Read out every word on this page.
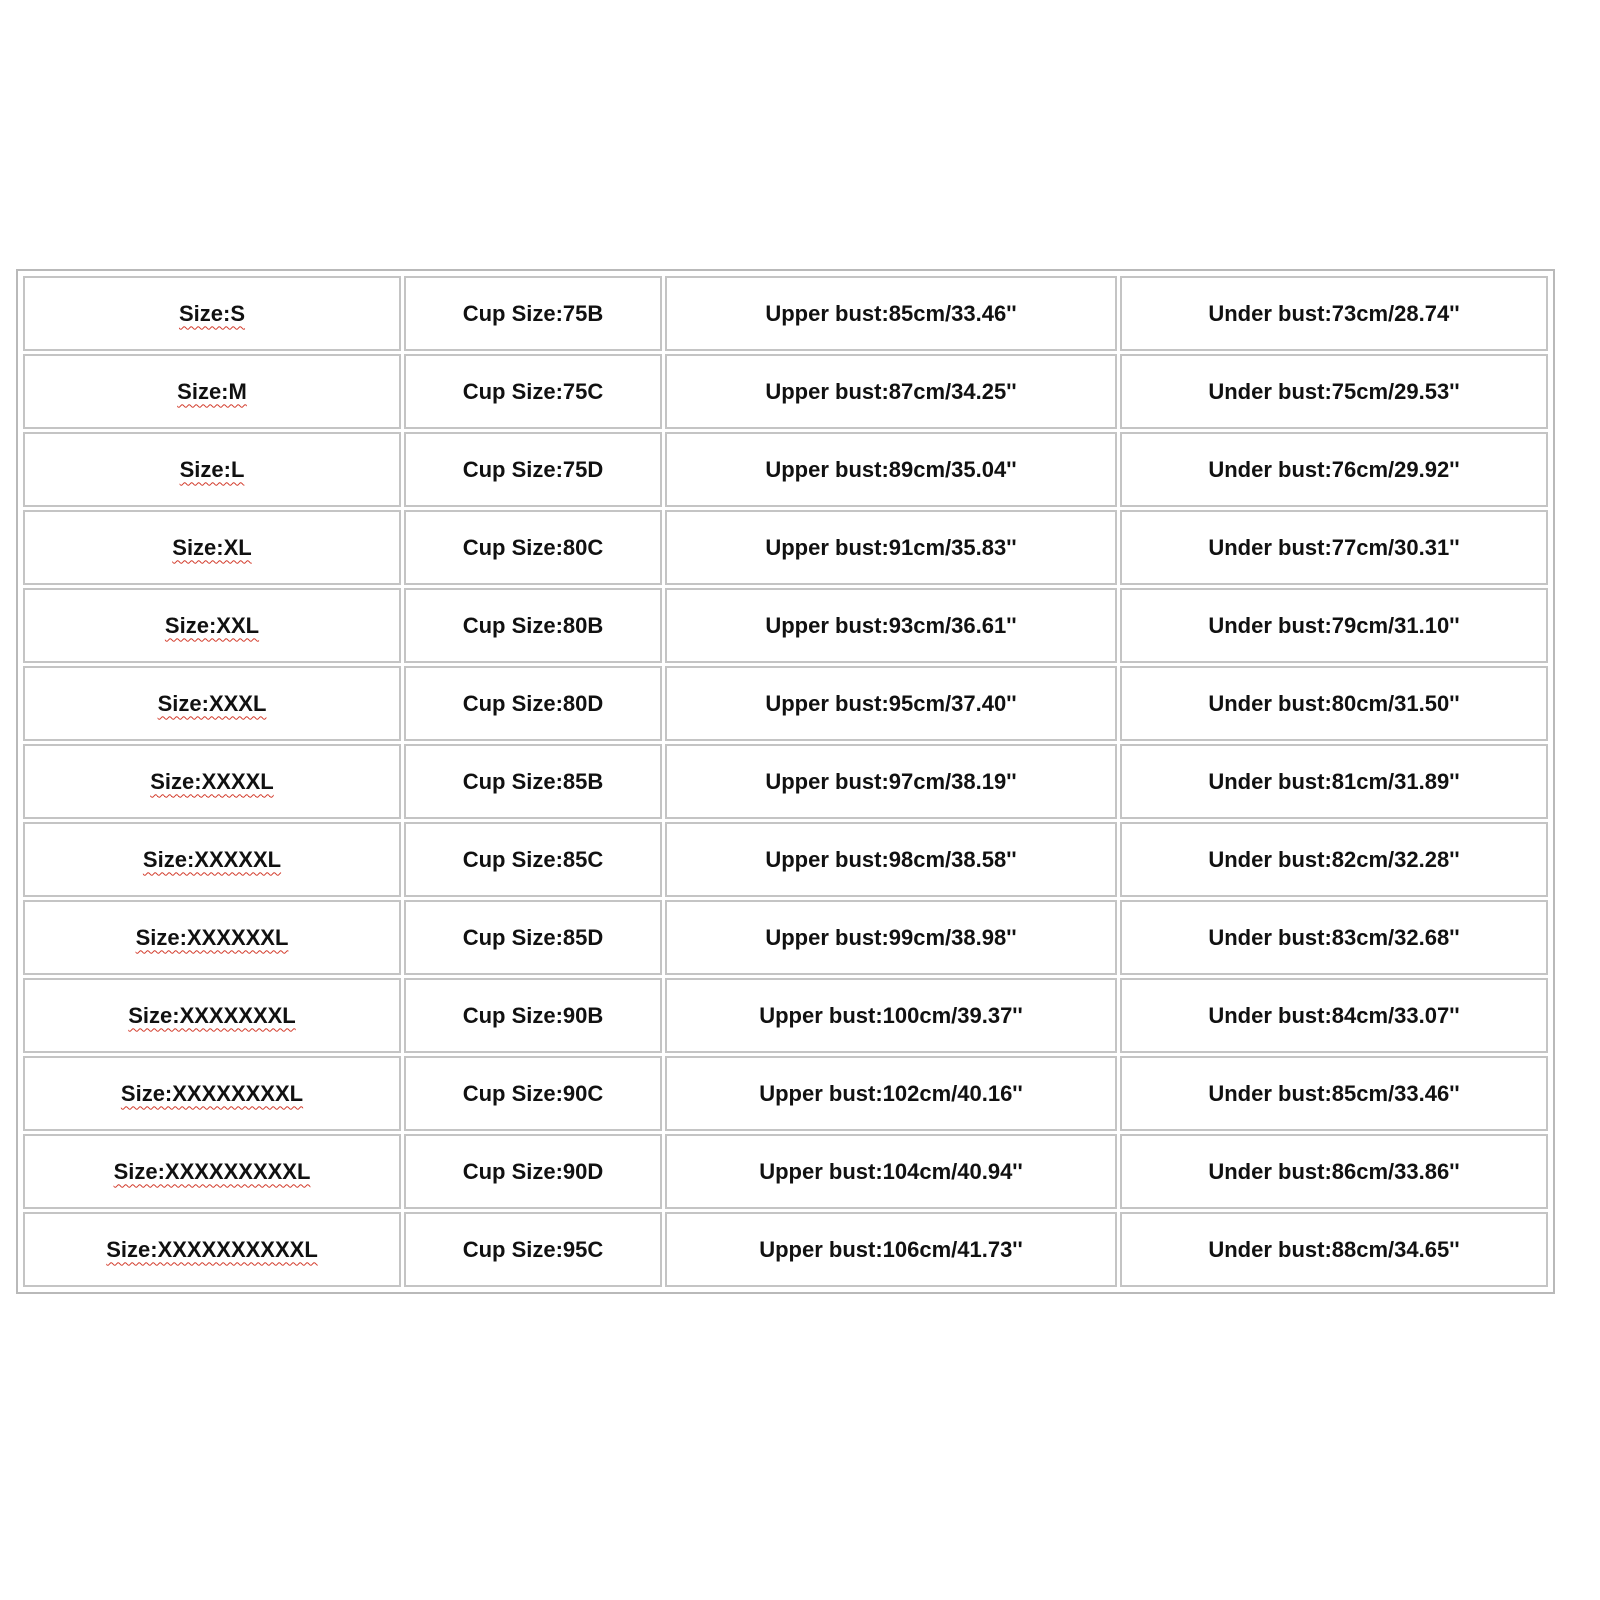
Size:S	Cup Size:75B	Upper bust:85cm/33.46''	Under bust:73cm/28.74''
Size:M	Cup Size:75C	Upper bust:87cm/34.25''	Under bust:75cm/29.53''
Size:L	Cup Size:75D	Upper bust:89cm/35.04''	Under bust:76cm/29.92''
Size:XL	Cup Size:80C	Upper bust:91cm/35.83''	Under bust:77cm/30.31''
Size:XXL	Cup Size:80B	Upper bust:93cm/36.61''	Under bust:79cm/31.10''
Size:XXXL	Cup Size:80D	Upper bust:95cm/37.40''	Under bust:80cm/31.50''
Size:XXXXL	Cup Size:85B	Upper bust:97cm/38.19''	Under bust:81cm/31.89''
Size:XXXXXL	Cup Size:85C	Upper bust:98cm/38.58''	Under bust:82cm/32.28''
Size:XXXXXXL	Cup Size:85D	Upper bust:99cm/38.98''	Under bust:83cm/32.68''
Size:XXXXXXXL	Cup Size:90B	Upper bust:100cm/39.37''	Under bust:84cm/33.07''
Size:XXXXXXXXL	Cup Size:90C	Upper bust:102cm/40.16''	Under bust:85cm/33.46''
Size:XXXXXXXXXL	Cup Size:90D	Upper bust:104cm/40.94''	Under bust:86cm/33.86''
Size:XXXXXXXXXXL	Cup Size:95C	Upper bust:106cm/41.73''	Under bust:88cm/34.65''
